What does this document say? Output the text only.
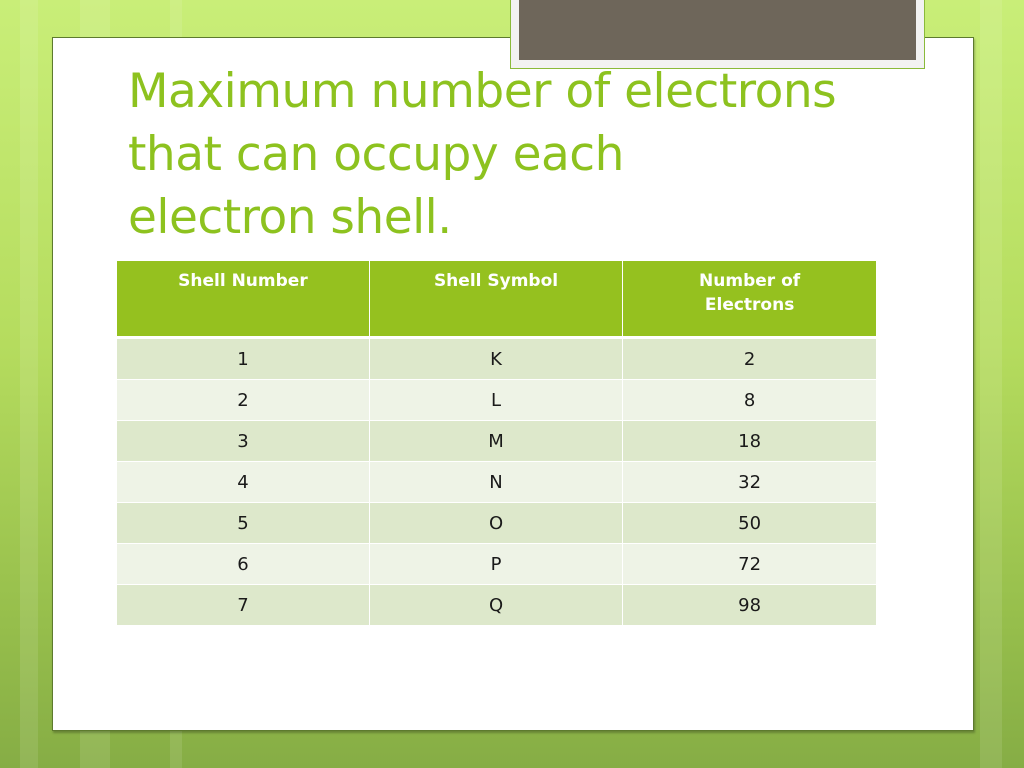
Maximum number of electrons
that can occupy each
electron shell.
Shell Number	Shell Symbol	Number of
Electrons
1	K	2
2	L	8
3	M	18
4	N	32
5	O	50
6	P	72
7	Q	98
